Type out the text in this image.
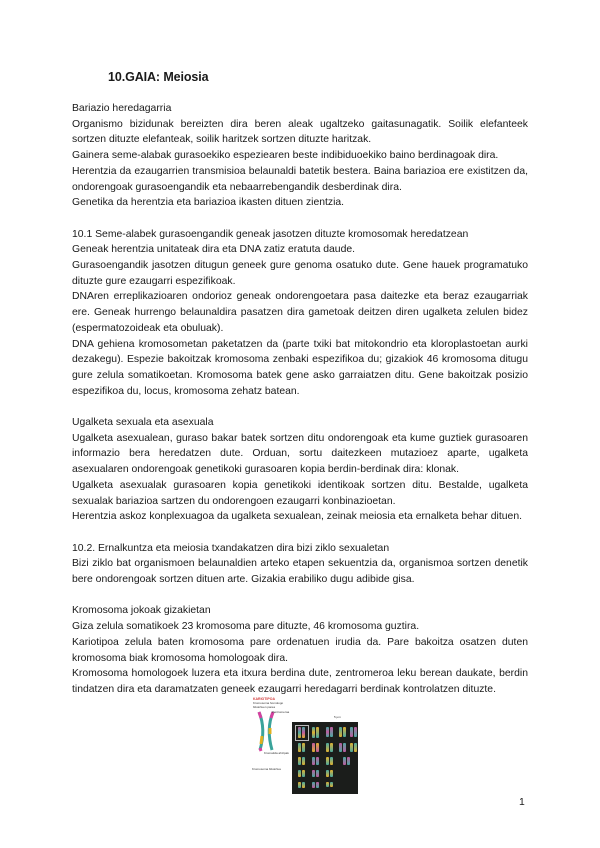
10.GAIA: Meiosia

Bariazio heredagarria

Organismo bizidunak bereizten dira beren aleak ugaltzeko gaitasunagatik. Soilik elefanteek sortzen dituzte elefanteak, soilik haritzek sortzen dituzte haritzak.

Gainera seme-alabak gurasoekiko espeziearen beste indibiduoekiko baino berdinagoak dira.

Herentzia da ezaugarrien transmisioa belaunaldi batetik bestera. Baina bariazioa ere existitzen da, ondorengoak gurasoengandik eta nebaarrebengandik desberdinak dira.

Genetika da herentzia eta bariazioa ikasten dituen zientzia.

10.1 Seme-alabek gurasoengandik geneak jasotzen dituzte kromosomak heredatzean

Geneak herentzia unitateak dira eta DNA zatiz eratuta daude.

Gurasoengandik jasotzen ditugun geneek gure genoma osatuko dute. Gene hauek programatuko dituzte gure ezaugarri espezifikoak.

DNAren erreplikazioaren ondorioz geneak ondorengoetara pasa daitezke eta beraz ezaugarriak ere. Geneak hurrengo belaunaldira pasatzen dira gametoak deitzen diren ugalketa zelulen bidez (espermatozoideak eta obuluak).

DNA gehiena kromosometan paketatzen da (parte txiki bat mitokondrio eta kloroplastoetan aurki dezakegu). Espezie bakoitzak kromosoma zenbaki espezifikoa du; gizakiok 46 kromosoma ditugu gure zelula somatikoetan. Kromosoma batek gene asko garraiatzen ditu. Gene bakoitzak posizio espezifikoa du, locus, kromosoma zehatz batean.

Ugalketa sexuala eta asexuala

Ugalketa asexualean, guraso bakar batek sortzen ditu ondorengoak eta kume guztiek gurasoaren informazio bera heredatzen dute. Orduan, sortu daitezkeen mutazioez aparte, ugalketa asexualaren ondorengoak genetikoki gurasoaren kopia berdin-berdinak dira: klonak.

Ugalketa asexualak gurasoaren kopia genetikoki identikoak sortzen ditu. Bestalde, ugalketa sexualak bariazioa sartzen du ondorengoen ezaugarri konbinazioetan.

Herentzia askoz konplexuagoa da ugalketa sexualean, zeinak meiosia eta ernalketa behar dituen.

10.2. Ernalkuntza eta meiosia txandakatzen dira bizi ziklo sexualetan

Bizi ziklo bat organismoen belaunaldien arteko etapen sekuentzia da, organismoa sortzen denetik bere ondorengoak sortzen dituen arte. Gizakia erabiliko dugu adibide gisa.

Kromosoma jokoak gizakietan

Giza zelula somatikoek 23 kromosoma pare dituzte, 46 kromosoma guztira.

Kariotipoa zelula baten kromosoma pare ordenatuen irudia da. Pare bakoitza osatzen duten kromosoma biak kromosoma homologoak dira.

Kromosoma homologoek luzera eta itxura berdina dute, zentromeroa leku berean daukate, berdin tindatzen dira eta daramatzaten geneek ezaugarri heredagarri berdinak kontrolatzen dituzte.

KARIOTIPOA
Kromosoma homologo bikoiztuen parea
Zentromeroa
5 µm
Kromatida ahizpak
Kromosoma bikoiztua
1
